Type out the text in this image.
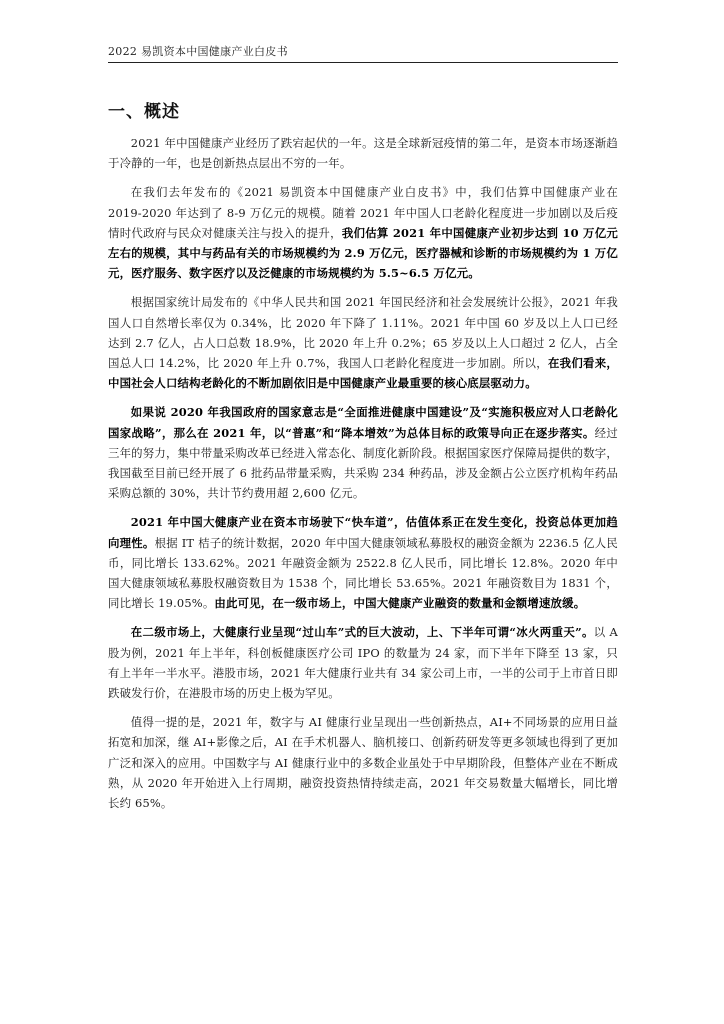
2022 易凯资本中国健康产业白皮书
一、概述

2021 年中国健康产业经历了跌宕起伏的一年。这是全球新冠疫情的第二年，是资本市场逐渐趋于冷静的一年，也是创新热点层出不穷的一年。

在我们去年发布的《2021 易凯资本中国健康产业白皮书》中，我们估算中国健康产业在 2019-2020 年达到了 8-9 万亿元的规模。随着 2021 年中国人口老龄化程度进一步加剧以及后疫情时代政府与民众对健康关注与投入的提升，我们估算 2021 年中国健康产业初步达到 10 万亿元左右的规模，其中与药品有关的市场规模约为 2.9 万亿元，医疗器械和诊断的市场规模约为 1 万亿元，医疗服务、数字医疗以及泛健康的市场规模约为 5.5~6.5 万亿元。

根据国家统计局发布的《中华人民共和国 2021 年国民经济和社会发展统计公报》，2021 年我国人口自然增长率仅为 0.34%，比 2020 年下降了 1.11%。2021 年中国 60 岁及以上人口已经达到 2.7 亿人，占人口总数 18.9%，比 2020 年上升 0.2%；65 岁及以上人口超过 2 亿人，占全国总人口 14.2%，比 2020 年上升 0.7%，我国人口老龄化程度进一步加剧。所以，在我们看来，中国社会人口结构老龄化的不断加剧依旧是中国健康产业最重要的核心底层驱动力。

如果说 2020 年我国政府的国家意志是“全面推进健康中国建设”及“实施积极应对人口老龄化国家战略”，那么在 2021 年，以“普惠”和“降本增效”为总体目标的政策导向正在逐步落实。经过三年的努力，集中带量采购改革已经进入常态化、制度化新阶段。根据国家医疗保障局提供的数字，我国截至目前已经开展了 6 批药品带量采购，共采购 234 种药品，涉及金额占公立医疗机构年药品采购总额的 30%，共计节约费用超 2,600 亿元。

2021 年中国大健康产业在资本市场驶下“快车道”，估值体系正在发生变化，投资总体更加趋向理性。根据 IT 桔子的统计数据，2020 年中国大健康领域私募股权的融资金额为 2236.5 亿人民币，同比增长 133.62%。2021 年融资金额为 2522.8 亿人民币，同比增长 12.8%。2020 年中国大健康领域私募股权融资数目为 1538 个，同比增长 53.65%。2021 年融资数目为 1831 个，同比增长 19.05%。由此可见，在一级市场上，中国大健康产业融资的数量和金额增速放缓。

在二级市场上，大健康行业呈现“过山车”式的巨大波动，上、下半年可谓“冰火两重天”。以 A 股为例，2021 年上半年，科创板健康医疗公司 IPO 的数量为 24 家，而下半年下降至 13 家，只有上半年一半水平。港股市场，2021 年大健康行业共有 34 家公司上市，一半的公司于上市首日即跌破发行价，在港股市场的历史上极为罕见。

值得一提的是，2021 年，数字与 AI 健康行业呈现出一些创新热点，AI+不同场景的应用日益拓宽和加深，继 AI+影像之后，AI 在手术机器人、脑机接口、创新药研发等更多领域也得到了更加广泛和深入的应用。中国数字与 AI 健康行业中的多数企业虽处于中早期阶段，但整体产业在不断成熟，从 2020 年开始进入上行周期，融资投资热情持续走高，2021 年交易数量大幅增长，同比增长约 65%。
